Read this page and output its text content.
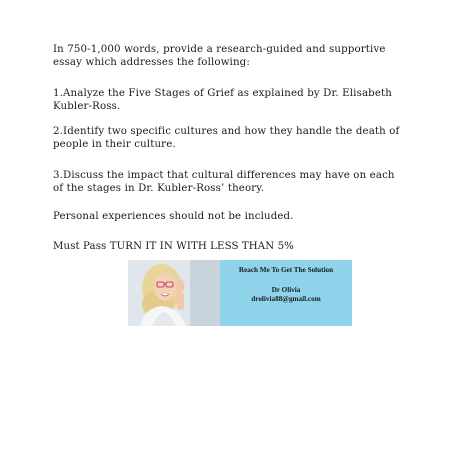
In 750-1,000 words, provide a research-guided and supportive essay which addresses the following:
1.Analyze the Five Stages of Grief as explained by Dr. Elisabeth Kubler-Ross.
2.Identify two specific cultures and how they handle the death of people in their culture.
3.Discuss the impact that cultural differences may have on each of the stages in Dr. Kubler-Ross’ theory.
Personal experiences should not be included.
Must Pass TURN IT IN WITH LESS THAN 5%
Reach Me To Get The Solution
Dr Olivia
drolivia88@gmail.com
